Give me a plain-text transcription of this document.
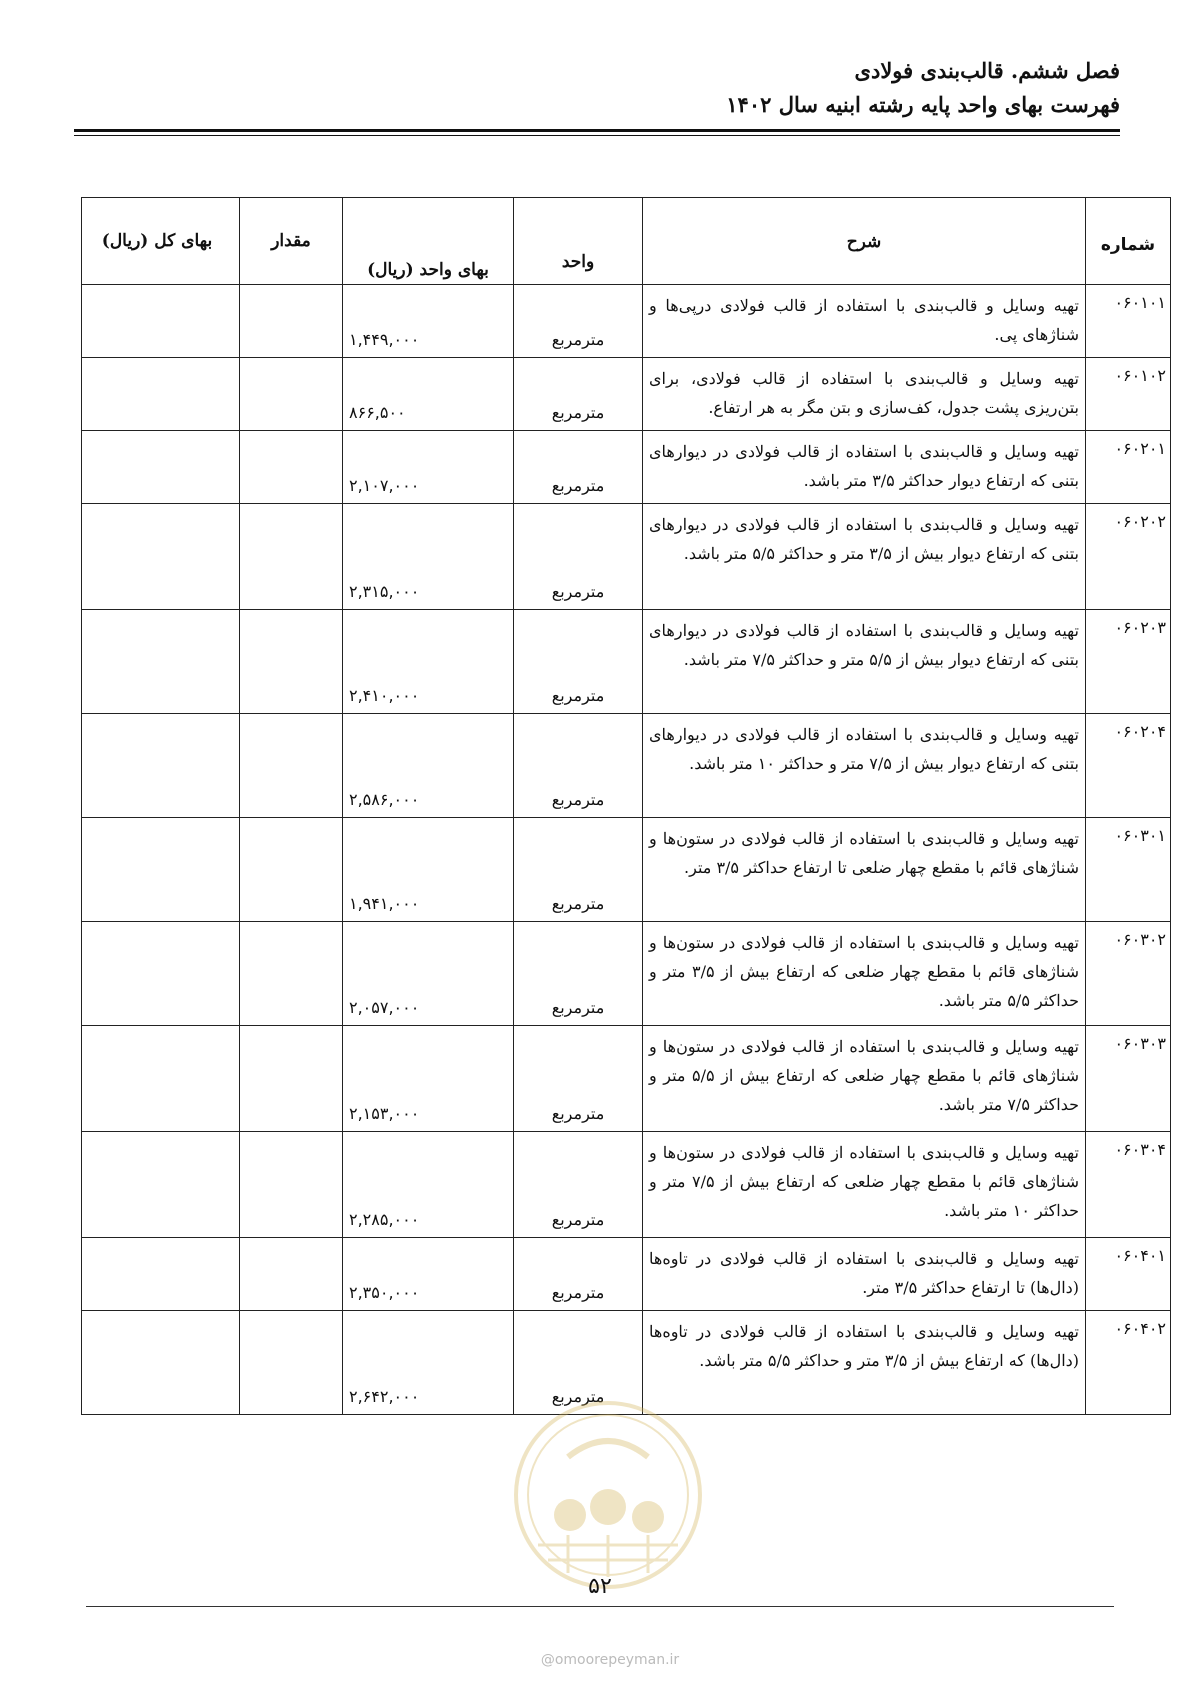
فصل ششم. قالب‌بندی فولادی
فهرست بهای واحد پایه رشته ابنیه سال ۱۴۰۲
شماره	شرح	واحد	بهای واحد (ریال)	مقدار	بهای کل (ریال)
۰۶۰۱۰۱	تهیه وسایل و قالب‌بندی با استفاده از قالب فولادی درپی‌ها و شناژهای پی.	مترمربع	۱,۴۴۹,۰۰۰		
۰۶۰۱۰۲	تهیه وسایل و قالب‌بندی با استفاده از قالب فولادی، برای بتن‌ریزی پشت جدول، کف‌سازی و بتن مگر به هر ارتفاع.	مترمربع	۸۶۶,۵۰۰		
۰۶۰۲۰۱	تهیه وسایل و قالب‌بندی با استفاده از قالب فولادی در دیوارهای بتنی که ارتفاع دیوار حداکثر ۳/۵ متر باشد.	مترمربع	۲,۱۰۷,۰۰۰		
۰۶۰۲۰۲	تهیه وسایل و قالب‌بندی با استفاده از قالب فولادی در دیوارهای بتنی که ارتفاع دیوار بیش از ۳/۵ متر و حداکثر ۵/۵ متر باشد.	مترمربع	۲,۳۱۵,۰۰۰		
۰۶۰۲۰۳	تهیه وسایل و قالب‌بندی با استفاده از قالب فولادی در دیوارهای بتنی که ارتفاع دیوار بیش از ۵/۵ متر و حداکثر ۷/۵ متر باشد.	مترمربع	۲,۴۱۰,۰۰۰		
۰۶۰۲۰۴	تهیه وسایل و قالب‌بندی با استفاده از قالب فولادی در دیوارهای بتنی که ارتفاع دیوار بیش از ۷/۵ متر و حداکثر ۱۰ متر باشد.	مترمربع	۲,۵۸۶,۰۰۰		
۰۶۰۳۰۱	تهیه وسایل و قالب‌بندی با استفاده از قالب فولادی در ستون‌ها و شناژهای قائم با مقطع چهار ضلعی تا ارتفاع حداکثر ۳/۵ متر.	مترمربع	۱,۹۴۱,۰۰۰		
۰۶۰۳۰۲	تهیه وسایل و قالب‌بندی با استفاده از قالب فولادی در ستون‌ها و شناژهای قائم با مقطع چهار ضلعی که ارتفاع بیش از ۳/۵ متر و حداکثر ۵/۵ متر باشد.	مترمربع	۲,۰۵۷,۰۰۰		
۰۶۰۳۰۳	تهیه وسایل و قالب‌بندی با استفاده از قالب فولادی در ستون‌ها و شناژهای قائم با مقطع چهار ضلعی که ارتفاع بیش از ۵/۵ متر و حداکثر ۷/۵ متر باشد.	مترمربع	۲,۱۵۳,۰۰۰		
۰۶۰۳۰۴	تهیه وسایل و قالب‌بندی با استفاده از قالب فولادی در ستون‌ها و شناژهای قائم با مقطع چهار ضلعی که ارتفاع بیش از ۷/۵ متر و حداکثر ۱۰ متر باشد.	مترمربع	۲,۲۸۵,۰۰۰		
۰۶۰۴۰۱	تهیه وسایل و قالب‌بندی با استفاده از قالب فولادی در تاوه‌ها (دال‌ها) تا ارتفاع حداکثر ۳/۵ متر.	مترمربع	۲,۳۵۰,۰۰۰		
۰۶۰۴۰۲	تهیه وسایل و قالب‌بندی با استفاده از قالب فولادی در تاوه‌ها (دال‌ها) که ارتفاع بیش از ۳/۵ متر و حداکثر ۵/۵ متر باشد.	مترمربع	۲,۶۴۲,۰۰۰		
۵۲
@omoorepeyman.ir
